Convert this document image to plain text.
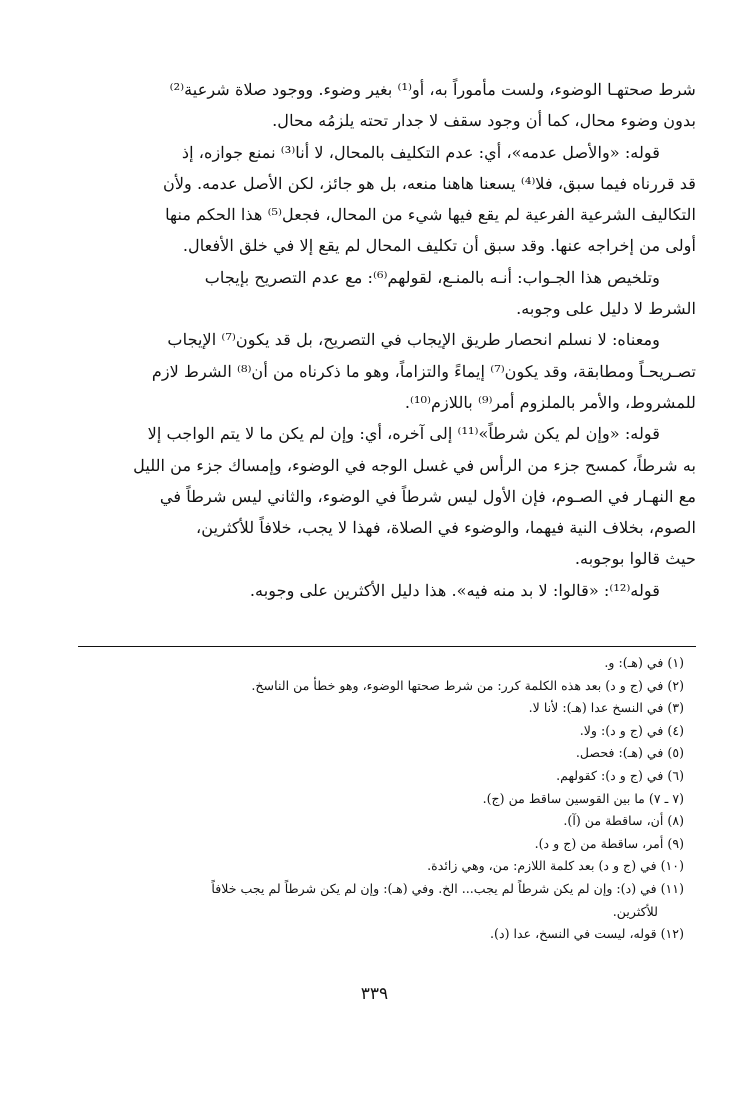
شرط صحتهـا الوضوء، ولست مأموراً به، أو⁽¹⁾ بغير وضوء. ووجود صلاة شرعية⁽²⁾
بدون وضوء محال، كما أن وجود سقف لا جدار تحته يلزمُه محال.
قوله: «والأصل عدمه»، أي: عدم التكليف بالمحال، لا أنا⁽³⁾ نمنع جوازه، إذ
قد قررناه فيما سبق، فلا⁽⁴⁾ يسعنا هاهنا منعه، بل هو جائز، لكن الأصل عدمه. ولأن
التكاليف الشرعية الفرعية لم يقع فيها شيء من المحال، فجعل⁽⁵⁾ هذا الحكم منها
أولى من إخراجه عنها. وقد سبق أن تكليف المحال لم يقع إلا في خلق الأفعال.
وتلخيص هذا الجـواب: أنـه بالمنـع، لقولهم⁽⁶⁾: مع عدم التصريح بإيجاب
الشرط لا دليل على وجوبه.
ومعناه: لا نسلم انحصار طريق الإيجاب في التصريح، بل قد يكون⁽⁷⁾ الإيجاب
تصـريحـاً ومطابقة، وقد يكون⁽⁷⁾ إيماءً والتزاماً، وهو ما ذكرناه من أن⁽⁸⁾ الشرط لازم
للمشروط، والأمر بالملزوم أمر⁽⁹⁾ باللازم⁽¹⁰⁾.
قوله: «وإن لم يكن شرطاً»⁽¹¹⁾ إلى آخره، أي: وإن لم يكن ما لا يتم الواجب إلا
به شرطاً، كمسح جزء من الرأس في غسل الوجه في الوضوء، وإمساك جزء من الليل
مع النهـار في الصـوم، فإن الأول ليس شرطاً في الوضوء، والثاني ليس شرطاً في
الصوم، بخلاف النية فيهما، والوضوء في الصلاة، فهذا لا يجب، خلافاً للأكثرين،
حيث قالوا بوجوبه.
قوله⁽¹²⁾: «قالوا: لا بد منه فيه». هذا دليل الأكثرين على وجوبه.
(١) في (هـ): و.
(٢) في (ج و د) بعد هذه الكلمة كرر: من شرط صحتها الوضوء، وهو خطأ من الناسخ.
(٣) في النسخ عدا (هـ): لأنا لا.
(٤) في (ج و د): ولا.
(٥) في (هـ): فحصل.
(٦) في (ج و د): كقولهم.
(٧ ـ ٧) ما بين القوسين ساقط من (ج).
(٨) أن، ساقطة من (آ).
(٩) أمر، ساقطة من (ج و د).
(١٠) في (ج و د) بعد كلمة اللازم: من، وهي زائدة.
(١١) في (د): وإن لم يكن شرطاً لم يجب... الخ. وفي (هـ): وإن لم يكن شرطاً لم يجب خلافاً
للأكثرين.
(١٢) قوله، ليست في النسخ، عدا (د).
٣٣٩
